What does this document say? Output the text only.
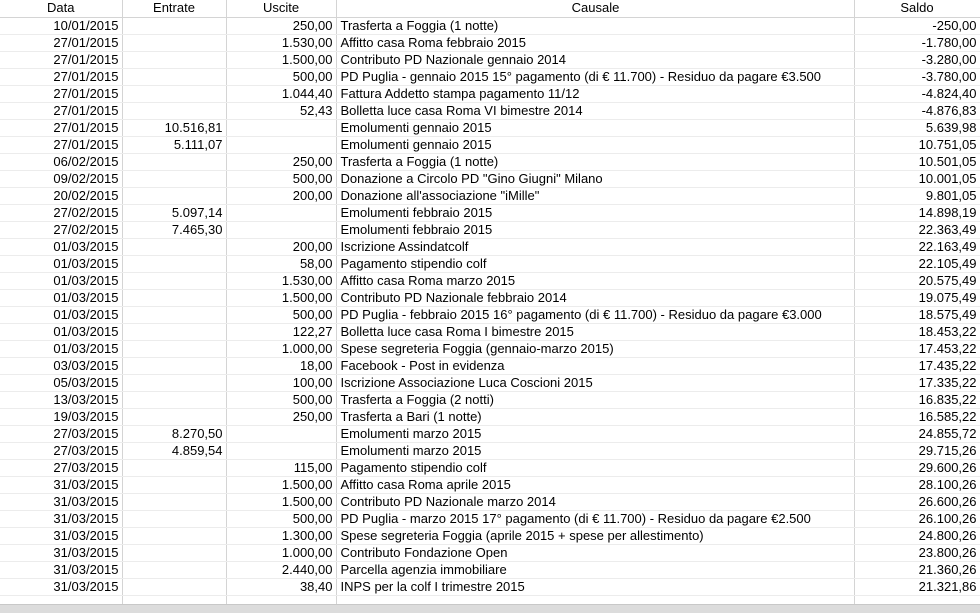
Data	Entrate	Uscite	Causale	Saldo
10/01/2015		250,00	Trasferta a Foggia (1 notte)	-250,00
27/01/2015		1.530,00	Affitto casa Roma febbraio 2015	-1.780,00
27/01/2015		1.500,00	Contributo PD Nazionale gennaio 2014	-3.280,00
27/01/2015		500,00	PD Puglia - gennaio 2015 15° pagamento (di € 11.700) - Residuo da pagare €3.500	-3.780,00
27/01/2015		1.044,40	Fattura Addetto stampa pagamento 11/12	-4.824,40
27/01/2015		52,43	Bolletta luce casa Roma VI bimestre 2014	-4.876,83
27/01/2015	10.516,81		Emolumenti gennaio 2015	5.639,98
27/01/2015	5.111,07		Emolumenti gennaio 2015	10.751,05
06/02/2015		250,00	Trasferta a Foggia (1 notte)	10.501,05
09/02/2015		500,00	Donazione a Circolo PD "Gino Giugni" Milano	10.001,05
20/02/2015		200,00	Donazione all'associazione "iMille"	9.801,05
27/02/2015	5.097,14		Emolumenti febbraio 2015	14.898,19
27/02/2015	7.465,30		Emolumenti febbraio 2015	22.363,49
01/03/2015		200,00	Iscrizione Assindatcolf	22.163,49
01/03/2015		58,00	Pagamento stipendio colf	22.105,49
01/03/2015		1.530,00	Affitto casa Roma marzo 2015	20.575,49
01/03/2015		1.500,00	Contributo PD Nazionale febbraio 2014	19.075,49
01/03/2015		500,00	PD Puglia - febbraio 2015 16° pagamento (di € 11.700) - Residuo da pagare €3.000	18.575,49
01/03/2015		122,27	Bolletta luce casa Roma I bimestre 2015	18.453,22
01/03/2015		1.000,00	Spese segreteria Foggia (gennaio-marzo 2015)	17.453,22
03/03/2015		18,00	Facebook - Post in evidenza	17.435,22
05/03/2015		100,00	Iscrizione Associazione Luca Coscioni 2015	17.335,22
13/03/2015		500,00	Trasferta a Foggia (2 notti)	16.835,22
19/03/2015		250,00	Trasferta a Bari (1 notte)	16.585,22
27/03/2015	8.270,50		Emolumenti marzo 2015	24.855,72
27/03/2015	4.859,54		Emolumenti marzo 2015	29.715,26
27/03/2015		115,00	Pagamento stipendio colf	29.600,26
31/03/2015		1.500,00	Affitto casa Roma aprile 2015	28.100,26
31/03/2015		1.500,00	Contributo PD Nazionale marzo 2014	26.600,26
31/03/2015		500,00	PD Puglia - marzo 2015 17° pagamento (di € 11.700) - Residuo da pagare €2.500	26.100,26
31/03/2015		1.300,00	Spese segreteria Foggia (aprile 2015 + spese per allestimento)	24.800,26
31/03/2015		1.000,00	Contributo Fondazione Open	23.800,26
31/03/2015		2.440,00	Parcella agenzia immobiliare	21.360,26
31/03/2015		38,40	INPS per la colf I trimestre 2015	21.321,86
